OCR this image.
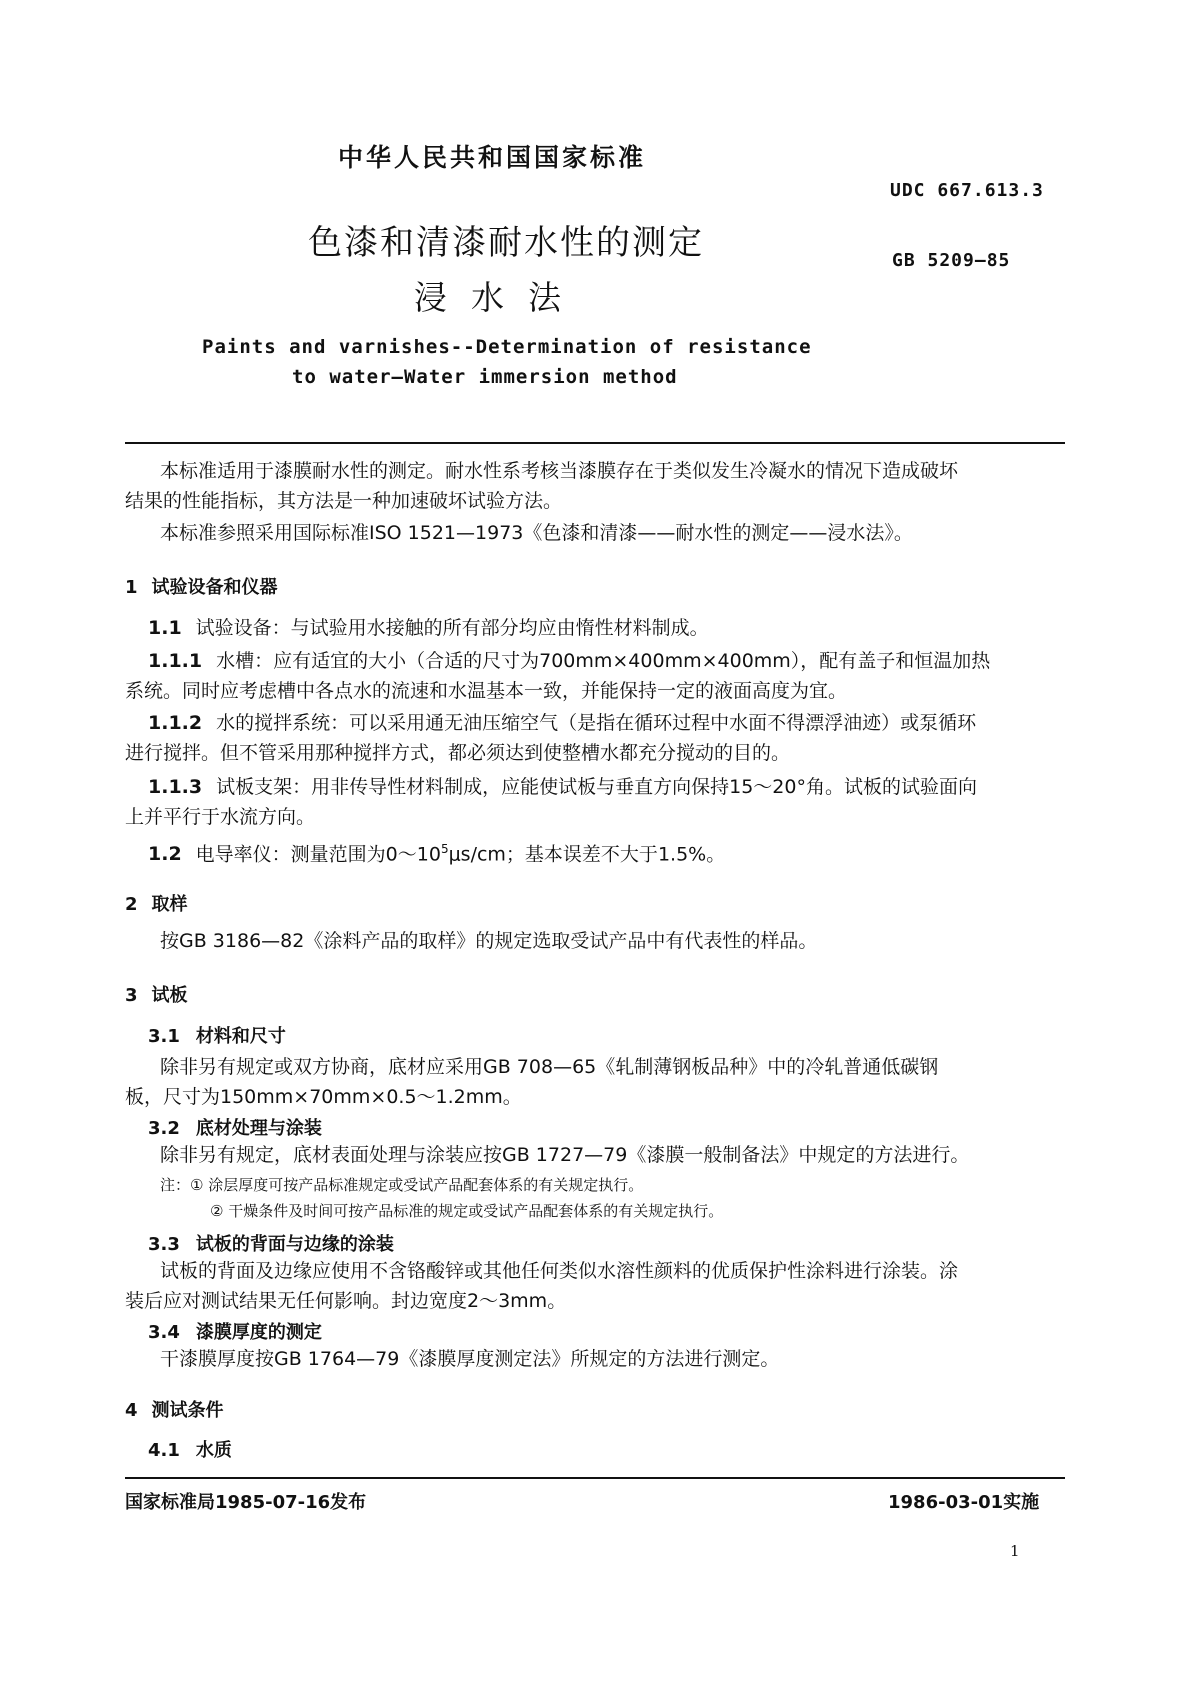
中华人民共和国国家标准
UDC 667.613.3
GB 5209—85
色漆和清漆耐水性的测定
浸水法
Paints and varnishes--Determination of resistance
to water—Water immersion method
本标准适用于漆膜耐水性的测定。耐水性系考核当漆膜存在于类似发生冷凝水的情况下造成破坏
结果的性能指标，其方法是一种加速破坏试验方法。
本标准参照采用国际标准ISO 1521—1973《色漆和清漆——耐水性的测定——浸水法》。
1 试验设备和仪器
1.1 试验设备：与试验用水接触的所有部分均应由惰性材料制成。
1.1.1 水槽：应有适宜的大小（合适的尺寸为700mm×400mm×400mm），配有盖子和恒温加热
系统。同时应考虑槽中各点水的流速和水温基本一致，并能保持一定的液面高度为宜。
1.1.2 水的搅拌系统：可以采用通无油压缩空气（是指在循环过程中水面不得漂浮油迹）或泵循环
进行搅拌。但不管采用那种搅拌方式，都必须达到使整槽水都充分搅动的目的。
1.1.3 试板支架：用非传导性材料制成，应能使试板与垂直方向保持15～20°角。试板的试验面向
上并平行于水流方向。
1.2 电导率仪：测量范围为$0\sim 10^5\mu s/cm$；基本误差不大于1.5%。
2 取样
按GB 3186—82《涂料产品的取样》的规定选取受试产品中有代表性的样品。
3 试板
3.1 材料和尺寸
除非另有规定或双方协商，底材应采用GB 708—65《轧制薄钢板品种》中的冷轧普通低碳钢
板，尺寸为150mm×70mm×0.5～1.2mm。
3.2 底材处理与涂装
除非另有规定，底材表面处理与涂装应按GB 1727—79《漆膜一般制备法》中规定的方法进行。
注：① 涂层厚度可按产品标准规定或受试产品配套体系的有关规定执行。
② 干燥条件及时间可按产品标准的规定或受试产品配套体系的有关规定执行。
3.3 试板的背面与边缘的涂装
试板的背面及边缘应使用不含铬酸锌或其他任何类似水溶性颜料的优质保护性涂料进行涂装。涂
装后应对测试结果无任何影响。封边宽度2～3mm。
3.4 漆膜厚度的测定
干漆膜厚度按GB 1764—79《漆膜厚度测定法》所规定的方法进行测定。
4 测试条件
4.1 水质
国家标准局1985-07-16发布	1986-03-01实施
1
